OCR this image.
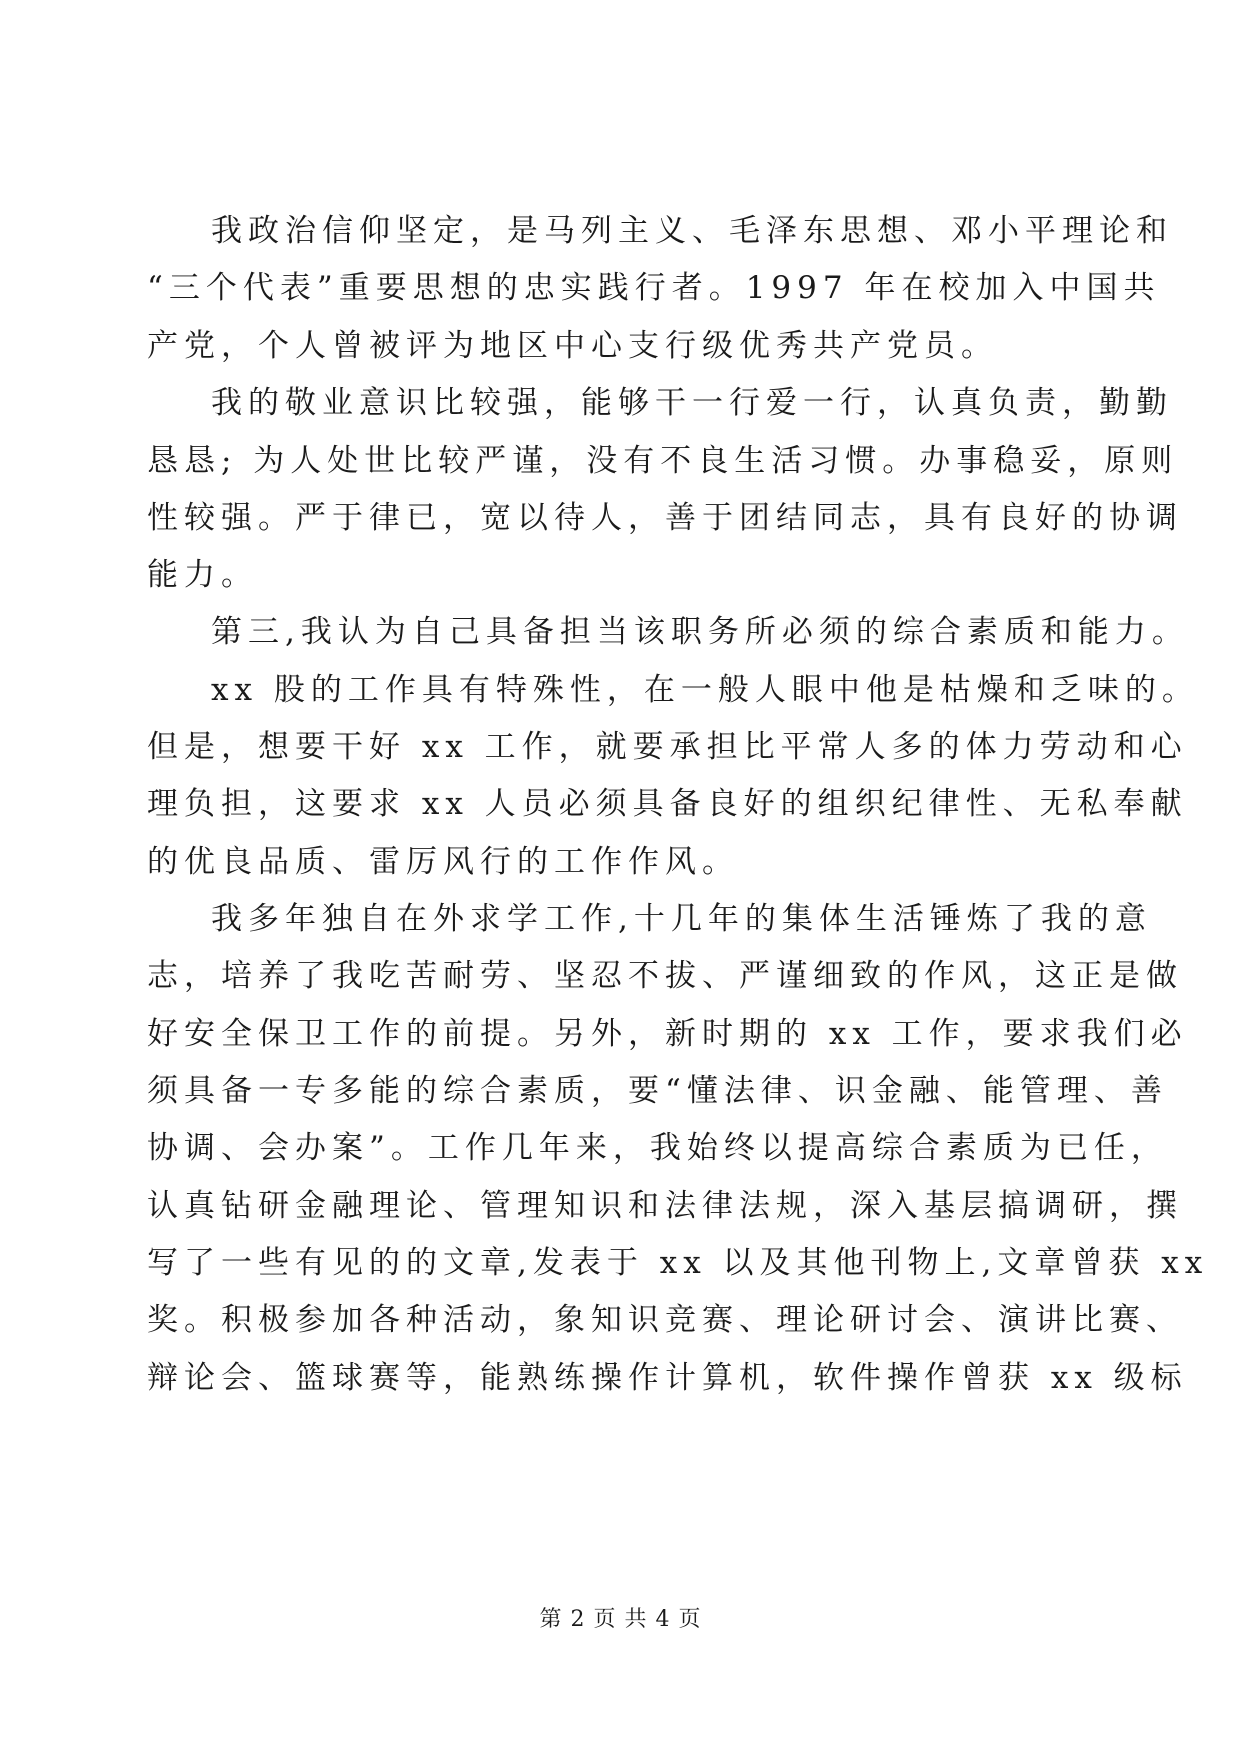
我政治信仰坚定，是马列主义、毛泽东思想、邓小平理论和
“三个代表”重要思想的忠实践行者。1997 年在校加入中国共
产党，个人曾被评为地区中心支行级优秀共产党员。
我的敬业意识比较强，能够干一行爱一行，认真负责，勤勤
恳恳; 为人处世比较严谨，没有不良生活习惯。办事稳妥，原则
性较强。严于律已，宽以待人，善于团结同志，具有良好的协调
能力。
第三,我认为自己具备担当该职务所必须的综合素质和能力。
xx 股的工作具有特殊性，在一般人眼中他是枯燥和乏味的。
但是，想要干好 xx 工作，就要承担比平常人多的体力劳动和心
理负担，这要求 xx 人员必须具备良好的组织纪律性、无私奉献
的优良品质、雷厉风行的工作作风。
我多年独自在外求学工作,十几年的集体生活锤炼了我的意
志，培养了我吃苦耐劳、坚忍不拔、严谨细致的作风，这正是做
好安全保卫工作的前提。另外，新时期的 xx 工作，要求我们必
须具备一专多能的综合素质，要“懂法律、识金融、能管理、善
协调、会办案”。工作几年来，我始终以提高综合素质为已任，
认真钻研金融理论、管理知识和法律法规，深入基层搞调研，撰
写了一些有见的的文章,发表于 xx 以及其他刊物上,文章曾获 xx
奖。积极参加各种活动，象知识竞赛、理论研讨会、演讲比赛、
辩论会、篮球赛等，能熟练操作计算机，软件操作曾获 xx 级标
第 2 页 共 4 页
